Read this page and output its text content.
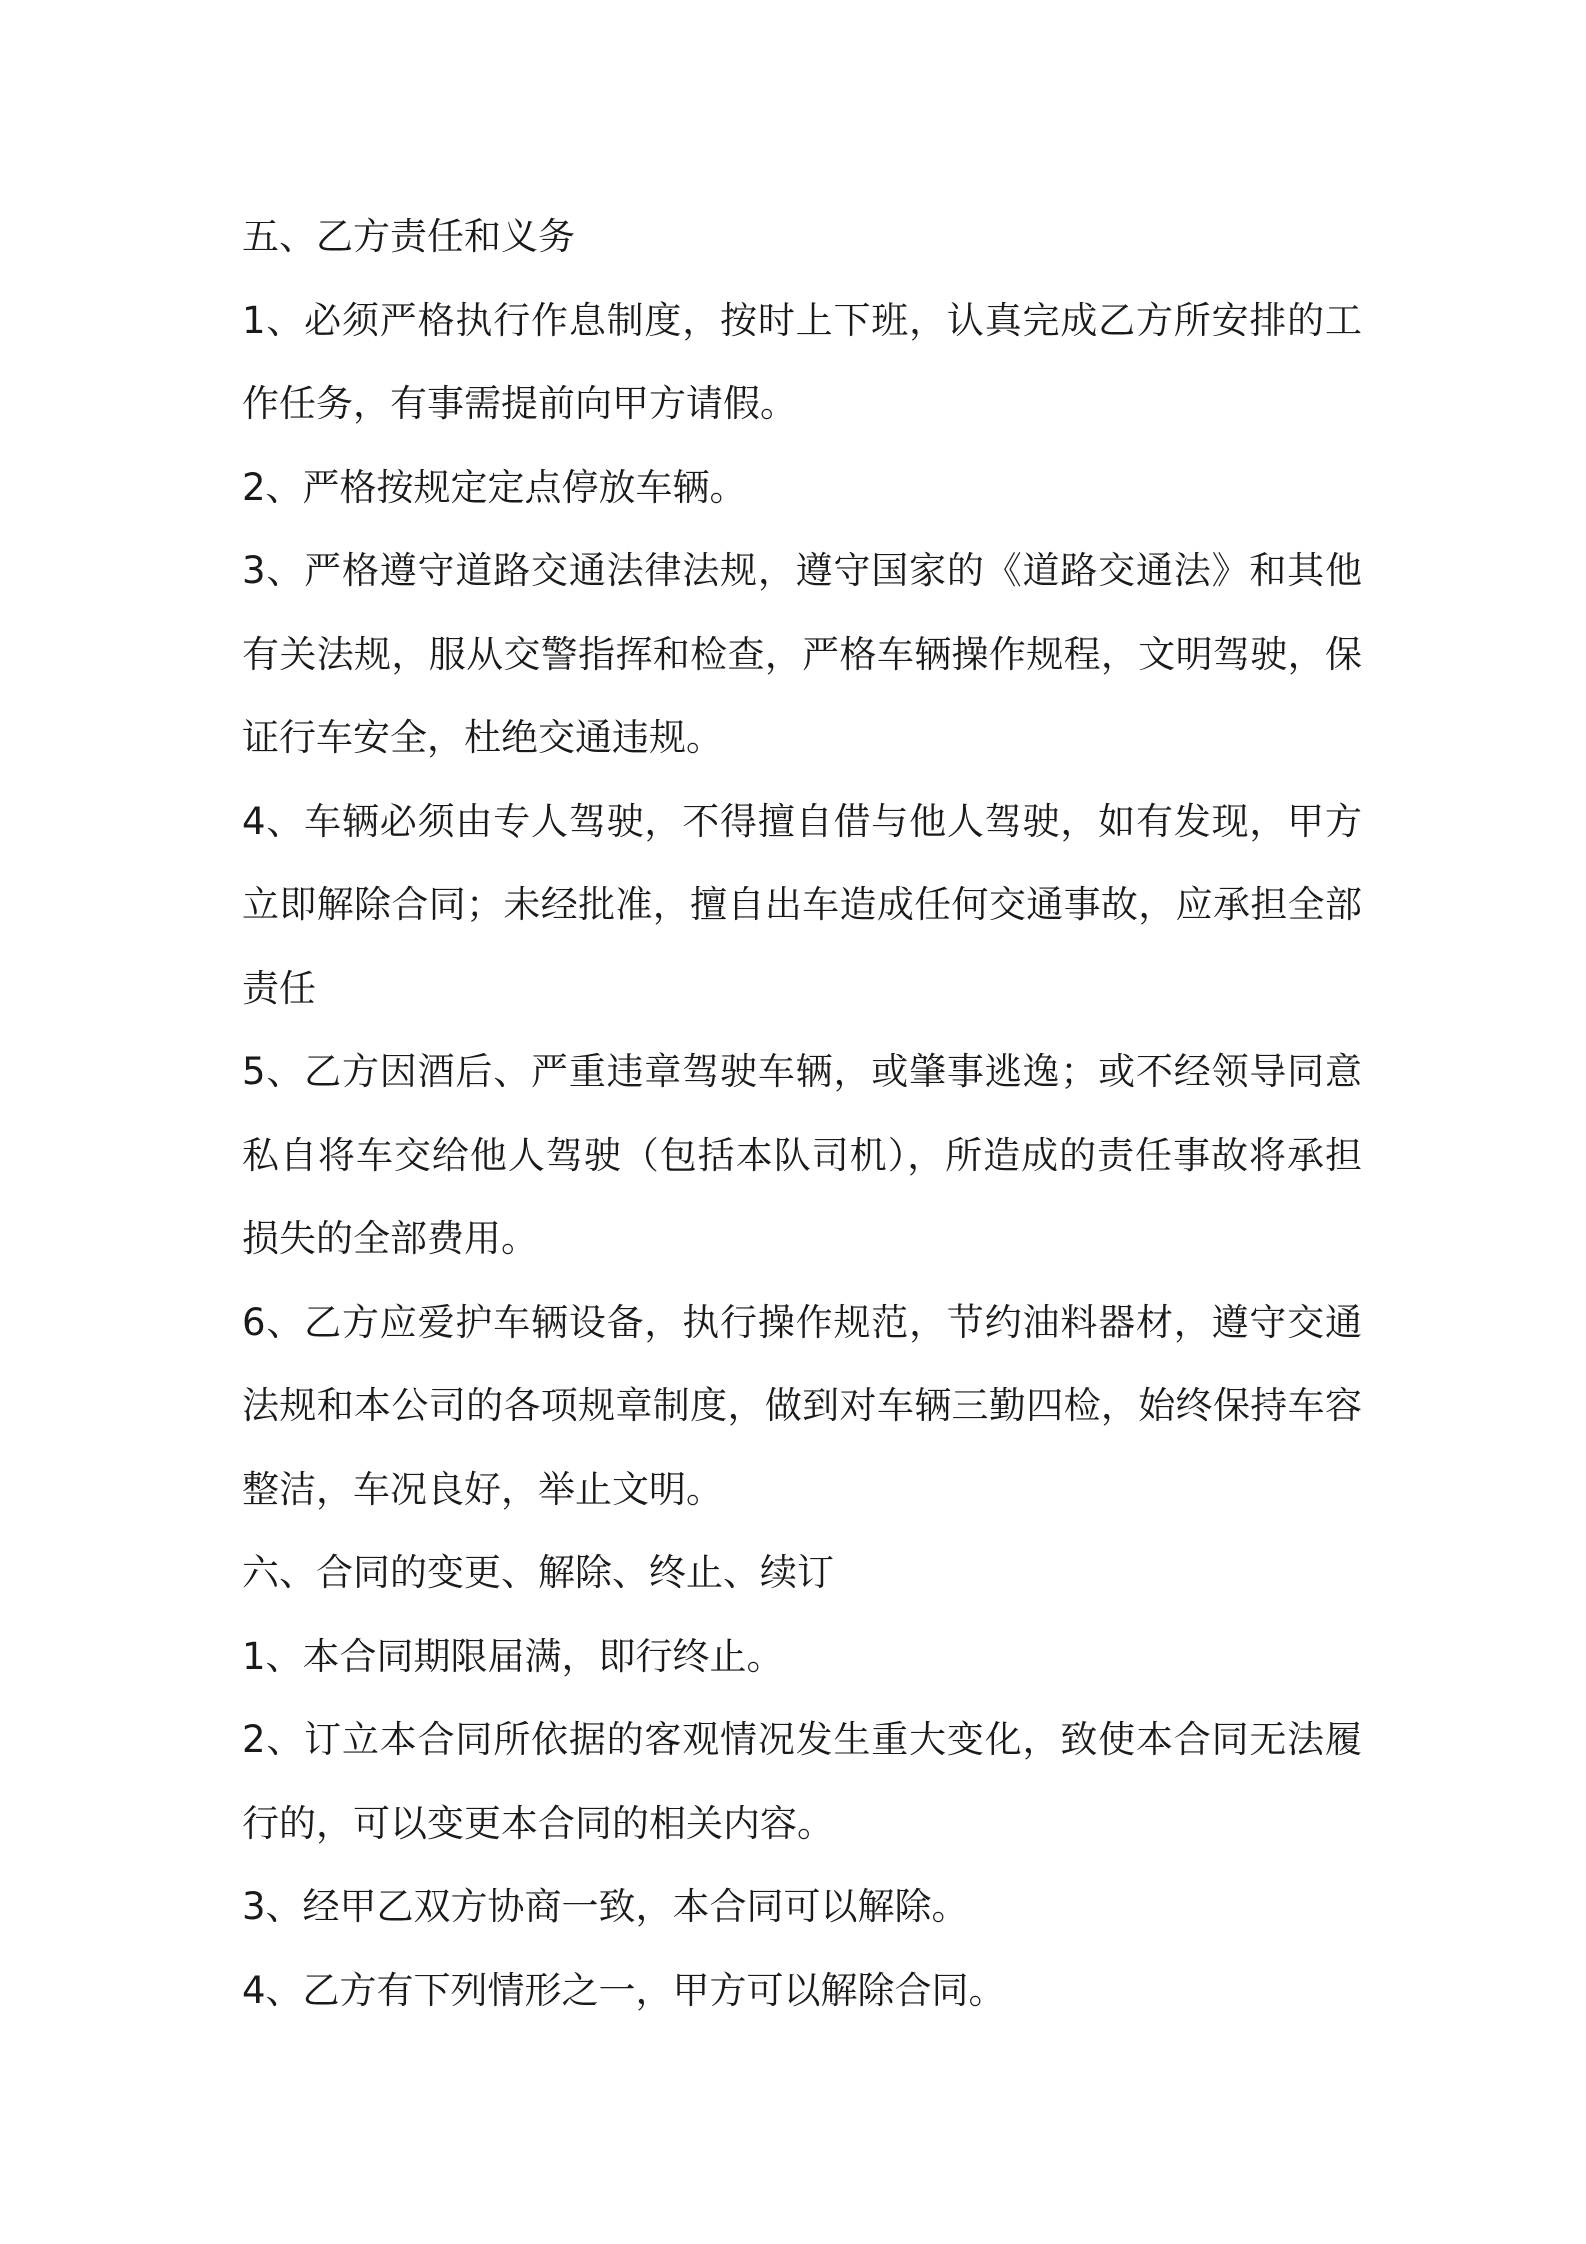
五、乙方责任和义务

1、必须严格执行作息制度，按时上下班，认真完成乙方所安排的工作任务，有事需提前向甲方请假。

2、严格按规定定点停放车辆。

3、严格遵守道路交通法律法规，遵守国家的《道路交通法》和其他有关法规，服从交警指挥和检查，严格车辆操作规程，文明驾驶，保证行车安全，杜绝交通违规。

4、车辆必须由专人驾驶，不得擅自借与他人驾驶，如有发现，甲方立即解除合同；未经批准，擅自出车造成任何交通事故，应承担全部责任

5、乙方因酒后、严重违章驾驶车辆，或肇事逃逸；或不经领导同意私自将车交给他人驾驶（包括本队司机），所造成的责任事故将承担损失的全部费用。

6、乙方应爱护车辆设备，执行操作规范，节约油料器材，遵守交通法规和本公司的各项规章制度，做到对车辆三勤四检，始终保持车容整洁，车况良好，举止文明。

六、合同的变更、解除、终止、续订

1、本合同期限届满，即行终止。

2、订立本合同所依据的客观情况发生重大变化，致使本合同无法履行的，可以变更本合同的相关内容。

3、经甲乙双方协商一致，本合同可以解除。

4、乙方有下列情形之一，甲方可以解除合同。
